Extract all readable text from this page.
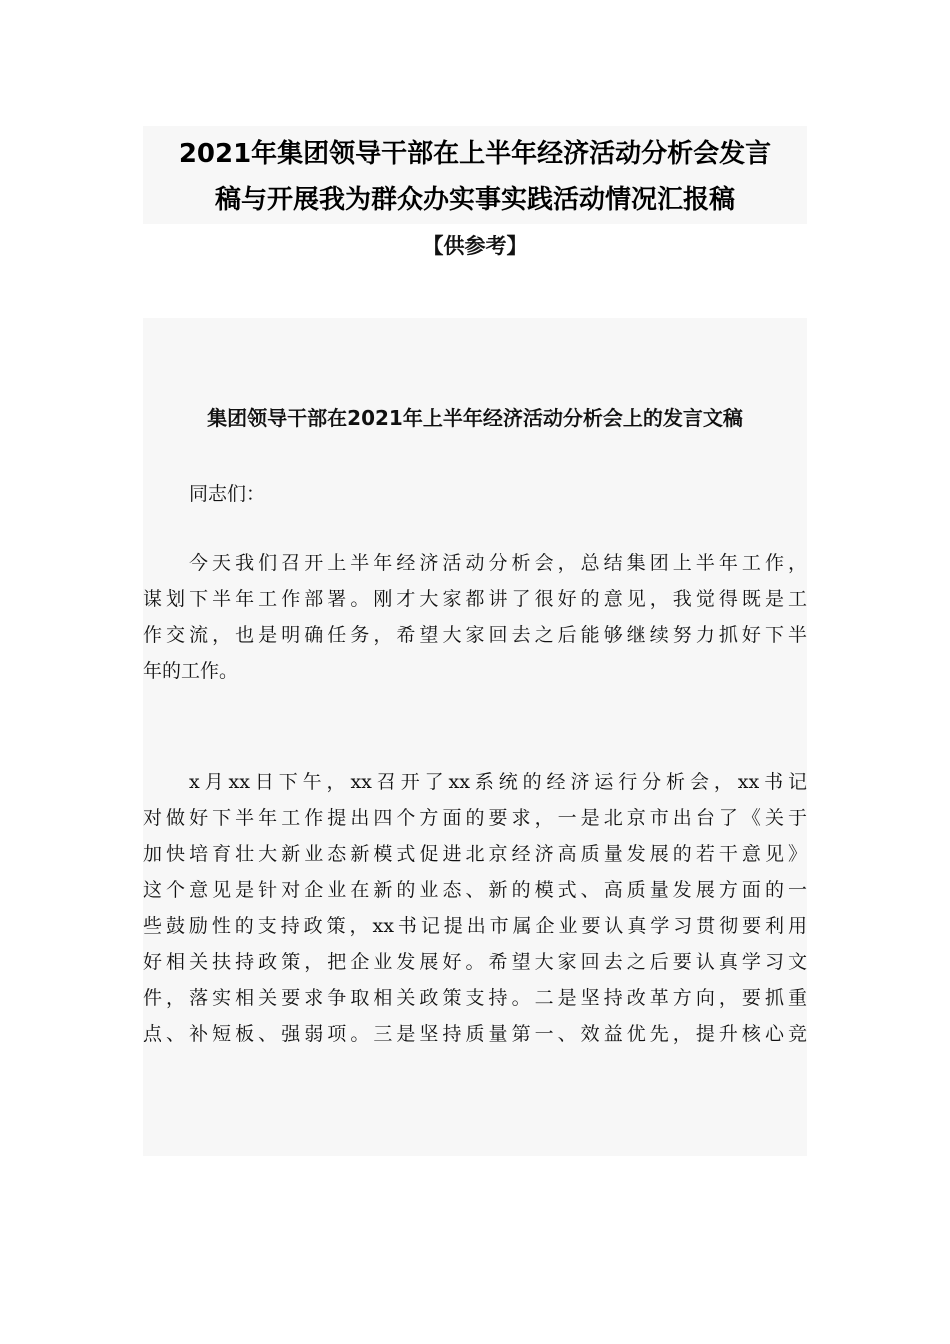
2021年集团领导干部在上半年经济活动分析会发言
稿与开展我为群众办实事实践活动情况汇报稿
【供参考】
集团领导干部在2021年上半年经济活动分析会上的发言文稿
同志们：

今天我们召开上半年经济活动分析会，总结集团上半年工作，
谋划下半年工作部署。刚才大家都讲了很好的意见，我觉得既是工
作交流，也是明确任务，希望大家回去之后能够继续努力抓好下半
年的工作。

x月xx日下午，xx召开了xx系统的经济运行分析会，xx书记
对做好下半年工作提出四个方面的要求，一是北京市出台了《关于
加快培育壮大新业态新模式促进北京经济高质量发展的若干意见》
这个意见是针对企业在新的业态、新的模式、高质量发展方面的一
些鼓励性的支持政策，xx书记提出市属企业要认真学习贯彻要利用
好相关扶持政策，把企业发展好。希望大家回去之后要认真学习文
件，落实相关要求争取相关政策支持。二是坚持改革方向，要抓重
点、补短板、强弱项。三是坚持质量第一、效益优先，提升核心竞
